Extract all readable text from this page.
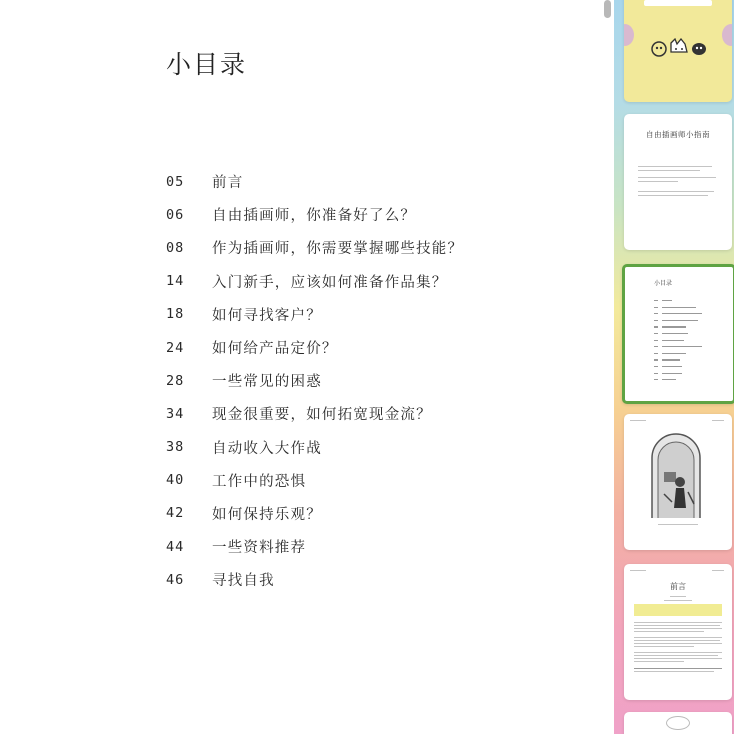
小目录
05	前言
06	自由插画师，你准备好了么？
08	作为插画师，你需要掌握哪些技能？
14	入门新手，应该如何准备作品集？
18	如何寻找客户？
24	如何给产品定价？
28	一些常见的困惑
34	现金很重要，如何拓宽现金流？
38	自动收入大作战
40	工作中的恐惧
42	如何保持乐观？
44	一些资料推荐
46	寻找自我
自由插画师小指南
小目录
前言
